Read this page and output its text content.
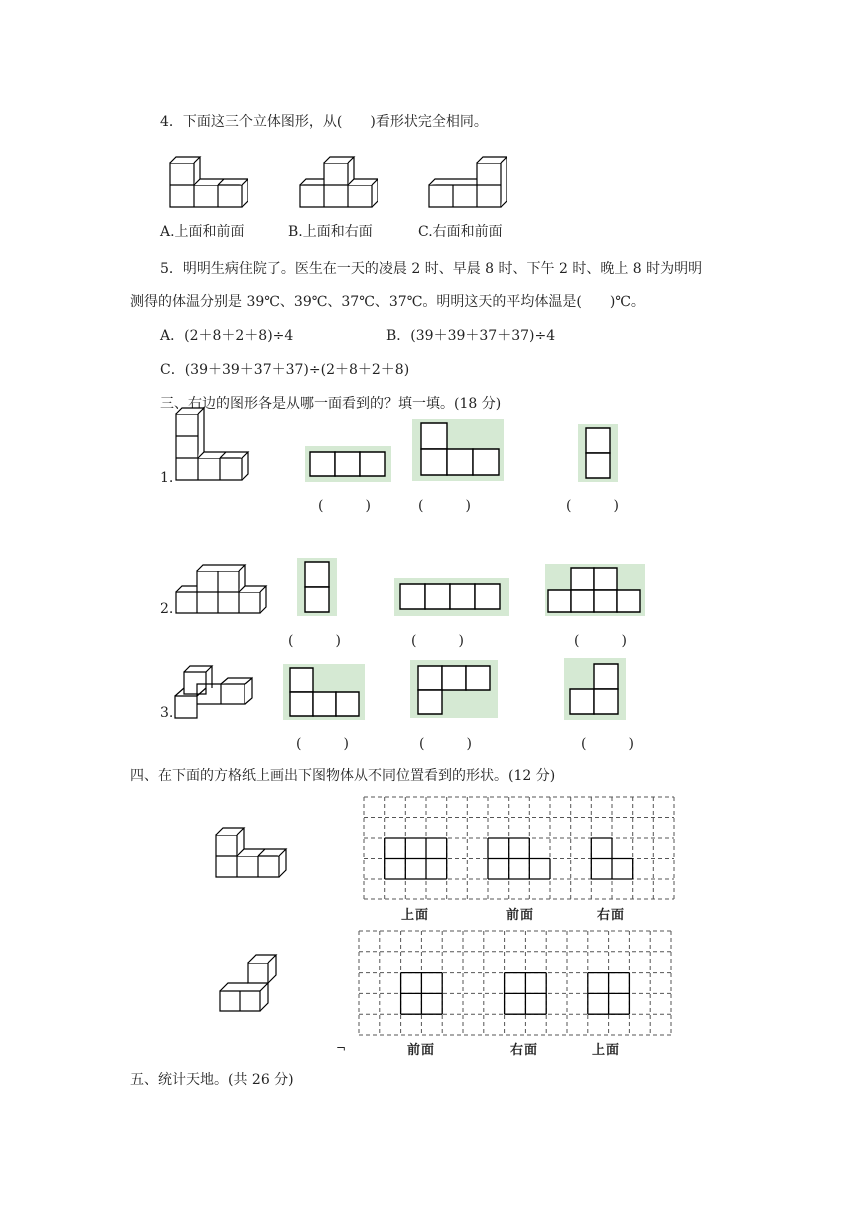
4．下面这三个立体图形，从(　　)看形状完全相同。
A.上面和前面	B.上面和右面	C.右面和前面
5．明明生病住院了。医生在一天的凌晨 2 时、早晨 8 时、下午 2 时、晚上 8 时为明明
测得的体温分别是 39℃、39℃、37℃、37℃。明明这天的平均体温是(　　)℃。
A．(2＋8＋2＋8)÷4	B．(39＋39＋37＋37)÷4
C．(39＋39＋37＋37)÷(2＋8＋2＋8)
三、右边的图形各是从哪一面看到的？填一填。(18 分)
1.
(　　　)	(　　　)	(　　　)
2.
(　　　)	(　　　)	(　　　)
3.
(　　　)	(　　　)	(　　　)
四、在下面的方格纸上画出下图物体从不同位置看到的形状。(12 分)
上面	前面	右面
¬	前面	右面	上面
五、统计天地。(共 26 分)
